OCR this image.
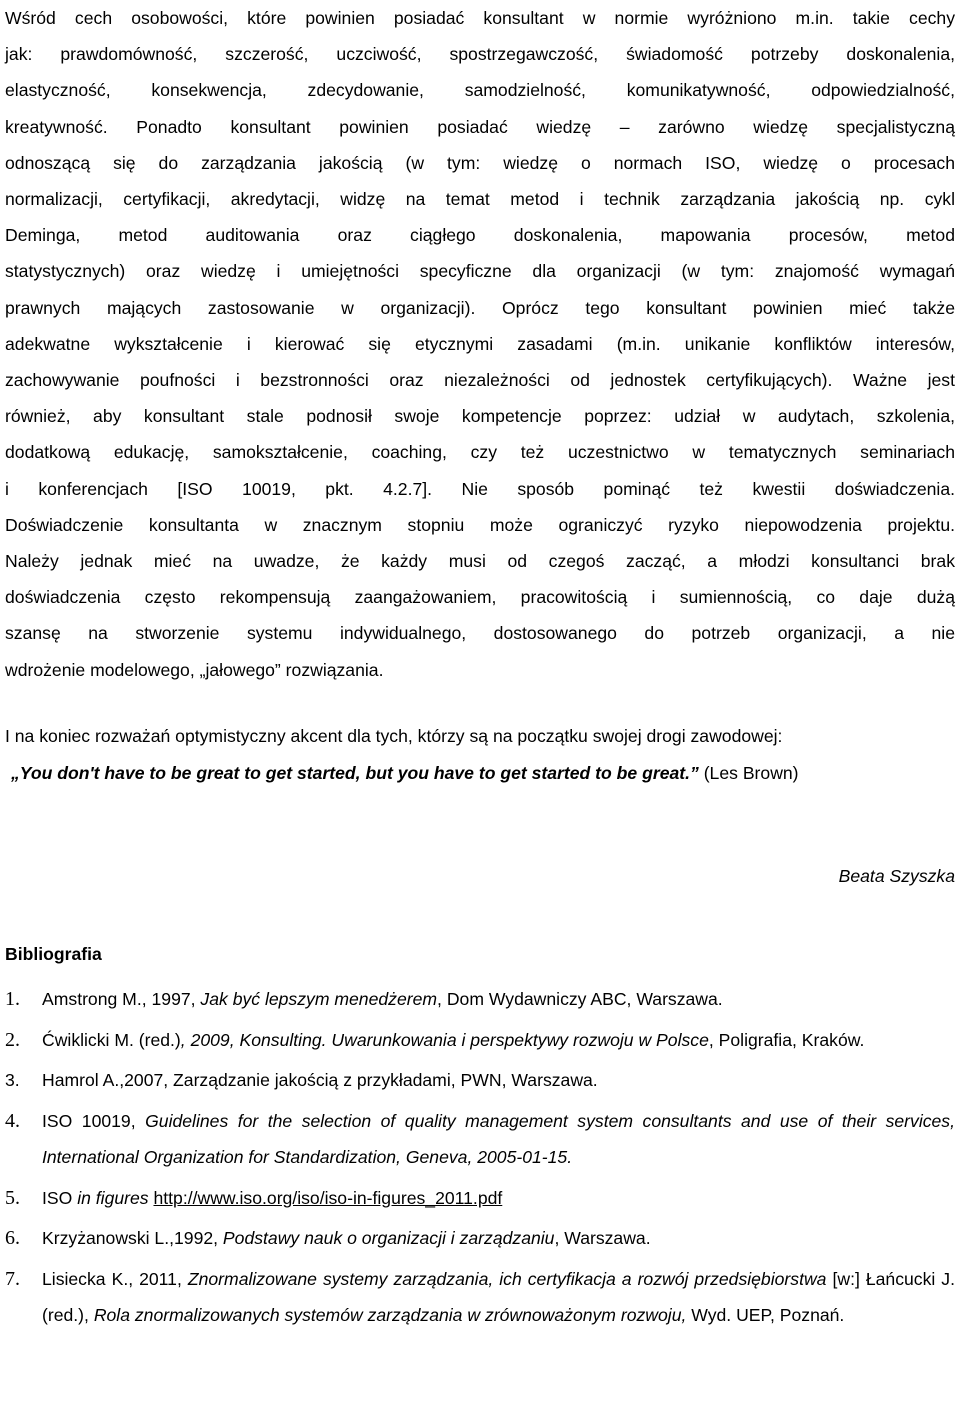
Wśród cech osobowości, które powinien posiadać konsultant w normie wyróżniono m.in. takie cechy
jak: prawdomówność, szczerość, uczciwość, spostrzegawczość, świadomość potrzeby doskonalenia,
elastyczność, konsekwencja, zdecydowanie, samodzielność, komunikatywność, odpowiedzialność,
kreatywność. Ponadto konsultant powinien posiadać wiedzę – zarówno wiedzę specjalistyczną
odnoszącą się do zarządzania jakością (w tym: wiedzę o normach ISO, wiedzę o procesach
normalizacji, certyfikacji, akredytacji, widzę na temat metod i technik zarządzania jakością np. cykl
Deminga, metod auditowania oraz ciągłego doskonalenia, mapowania procesów, metod
statystycznych) oraz wiedzę i umiejętności specyficzne dla organizacji (w tym: znajomość wymagań
prawnych mających zastosowanie w organizacji). Oprócz tego konsultant powinien mieć także
adekwatne wykształcenie i kierować się etycznymi zasadami (m.in. unikanie konfliktów interesów,
zachowywanie poufności i bezstronności oraz niezależności od jednostek certyfikujących). Ważne jest
również, aby konsultant stale podnosił swoje kompetencje poprzez: udział w audytach, szkolenia,
dodatkową edukację, samokształcenie, coaching, czy też uczestnictwo w tematycznych seminariach
i konferencjach [ISO 10019, pkt. 4.2.7]. Nie sposób pominąć też kwestii doświadczenia.
Doświadczenie konsultanta w znacznym stopniu może ograniczyć ryzyko niepowodzenia projektu.
Należy jednak mieć na uwadze, że każdy musi od czegoś zacząć, a młodzi konsultanci brak
doświadczenia często rekompensują zaangażowaniem, pracowitością i sumiennością, co daje dużą
szansę na stworzenie systemu indywidualnego, dostosowanego do potrzeb organizacji, a nie
wdrożenie modelowego, „jałowego” rozwiązania.

I na koniec rozważań optymistyczny akcent dla tych, którzy są na początku swojej drogi zawodowej:

„You don't have to be great to get started, but you have to get started to be great.” (Les Brown)

Beata Szyszka

Bibliografia

1.	Amstrong M., 1997, Jak być lepszym menedżerem, Dom Wydawniczy ABC, Warszawa.
2.	Ćwiklicki M. (red.), 2009, Konsulting. Uwarunkowania i perspektywy rozwoju w Polsce, Poligrafia, Kraków.
3.	Hamrol A.,2007, Zarządzanie jakością z przykładami, PWN, Warszawa.
4.	ISO 10019, Guidelines for the selection of quality management system consultants and use of their services, International Organization for Standardization, Geneva, 2005-01-15.
5.	ISO in figures http://www.iso.org/iso/iso-in-figures_2011.pdf
6.	Krzyżanowski L.,1992, Podstawy nauk o organizacji i zarządzaniu, Warszawa.
7.	Lisiecka K., 2011, Znormalizowane systemy zarządzania, ich certyfikacja a rozwój przedsiębiorstwa [w:] Łańcucki J. (red.), Rola znormalizowanych systemów zarządzania w zrównoważonym rozwoju, Wyd. UEP, Poznań.
